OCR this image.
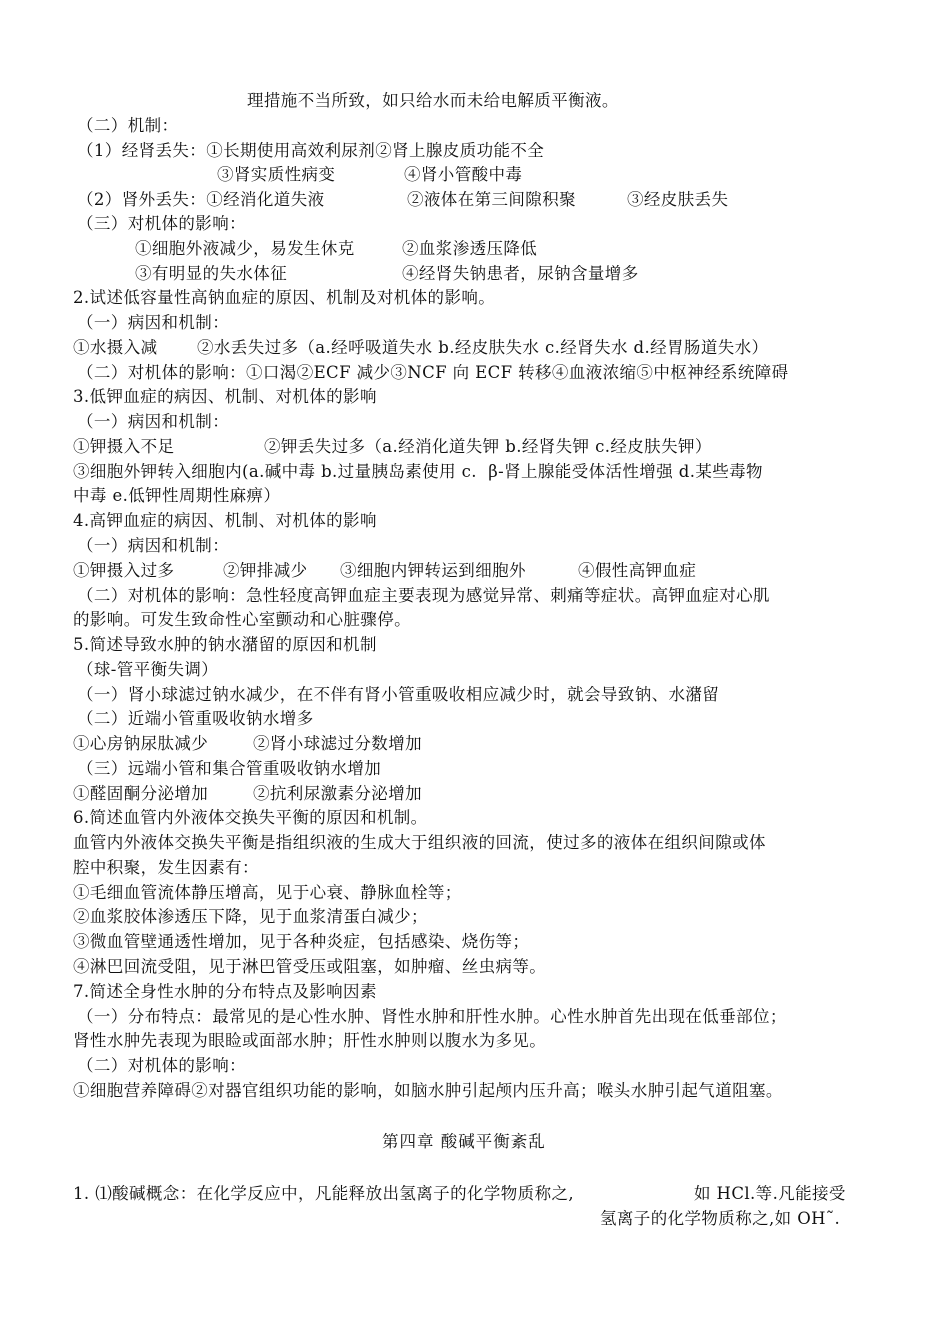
理措施不当所致，如只给水而未给电解质平衡液。
（二）机制：
（1）经肾丢失：①长期使用高效利尿剂②肾上腺皮质功能不全
③肾实质性病变	④肾小管酸中毒
（2）肾外丢失：①经消化道失液	②液体在第三间隙积聚	③经皮肤丢失
（三）对机体的影响：
①细胞外液减少，易发生休克	②血浆渗透压降低
③有明显的失水体征	④经肾失钠患者，尿钠含量增多
2.试述低容量性高钠血症的原因、机制及对机体的影响。
（一）病因和机制：
①水摄入减 ②水丢失过多（a.经呼吸道失水 b.经皮肤失水 c.经肾失水 d.经胃肠道失水）
（二）对机体的影响：①口渴②ECF 减少③NCF 向 ECF 转移④血液浓缩⑤中枢神经系统障碍
3.低钾血症的病因、机制、对机体的影响
（一）病因和机制：
①钾摄入不足	②钾丢失过多（a.经消化道失钾 b.经肾失钾 c.经皮肤失钾）
③细胞外钾转入细胞内(a.碱中毒 b.过量胰岛素使用 c.  β-肾上腺能受体活性增强 d.某些毒物
中毒 e.低钾性周期性麻痹）
4.高钾血症的病因、机制、对机体的影响
（一）病因和机制：
①钾摄入过多	②钾排减少 ③细胞内钾转运到细胞外	④假性高钾血症
（二）对机体的影响：急性轻度高钾血症主要表现为感觉异常、刺痛等症状。高钾血症对心肌
的影响。可发生致命性心室颤动和心脏骤停。
5.简述导致水肿的钠水潴留的原因和机制
（球-管平衡失调）
（一）肾小球滤过钠水减少，在不伴有肾小管重吸收相应减少时，就会导致钠、水潴留
（二）近端小管重吸收钠水增多
①心房钠尿肽减少	②肾小球滤过分数增加
（三）远端小管和集合管重吸收钠水增加
①醛固酮分泌增加	②抗利尿激素分泌增加
6.简述血管内外液体交换失平衡的原因和机制。
血管内外液体交换失平衡是指组织液的生成大于组织液的回流，使过多的液体在组织间隙或体
腔中积聚，发生因素有：
①毛细血管流体静压增高，见于心衰、静脉血栓等；
②血浆胶体渗透压下降，见于血浆清蛋白减少；
③微血管壁通透性增加，见于各种炎症，包括感染、烧伤等；
④淋巴回流受阻，见于淋巴管受压或阻塞，如肿瘤、丝虫病等。
7.简述全身性水肿的分布特点及影响因素
（一）分布特点：最常见的是心性水肿、肾性水肿和肝性水肿。心性水肿首先出现在低垂部位；
肾性水肿先表现为眼睑或面部水肿；肝性水肿则以腹水为多见。
（二）对机体的影响：
①细胞营养障碍②对器官组织功能的影响，如脑水肿引起颅内压升高；喉头水肿引起气道阻塞。
第四章 酸碱平衡紊乱
1. ⑴酸碱概念：在化学反应中，凡能释放出氢离子的化学物质称之,	如 HCl.等.凡能接受
氢离子的化学物质称之,如 OH˜.
